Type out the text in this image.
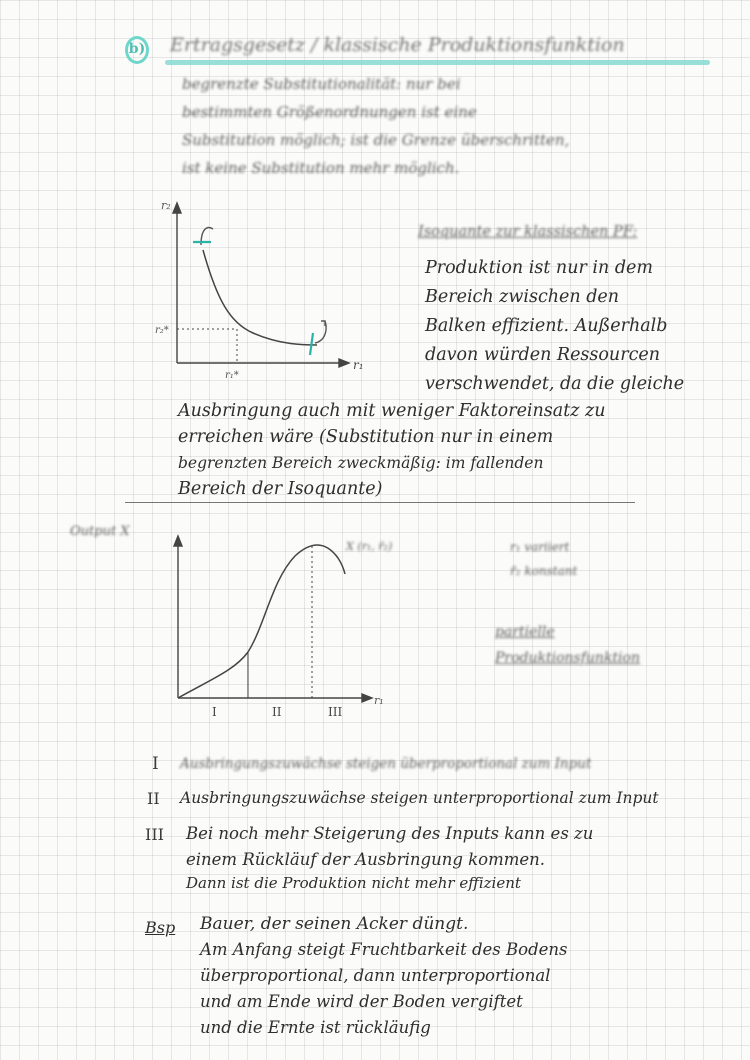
b) Ertragsgesetz / klassische Produktionsfunktion
begrenzte Substitutionalität: nur bei
bestimmten Größenordnungen ist eine
Substitution möglich; ist die Grenze überschritten,
ist keine Substitution mehr möglich.
r₂
r₁
r₂*
r₁*
Isoquante zur klassischen PF:
Produktion ist nur in dem
Bereich zwischen den
Balken effizient. Außerhalb
davon würden Ressourcen
verschwendet, da die gleiche
Ausbringung auch mit weniger Faktoreinsatz zu
erreichen wäre (Substitution nur in einem
begrenzten Bereich zweckmäßig: im fallenden
Bereich der Isoquante)
Output X
I	II	III
r₁
X (r₁, r̄₂)	r₁ variiert
r̄₂ konstant
partielle
Produktionsfunktion
I Ausbringungszuwächse steigen überproportional zum Input
II Ausbringungszuwächse steigen unterproportional zum Input
III Bei noch mehr Steigerung des Inputs kann es zu
einem Rückläuf der Ausbringung kommen.
Dann ist die Produktion nicht mehr effizient
Bsp Bauer, der seinen Acker düngt.
Am Anfang steigt Fruchtbarkeit des Bodens
überproportional, dann unterproportional
und am Ende wird der Boden vergiftet
und die Ernte ist rückläufig
